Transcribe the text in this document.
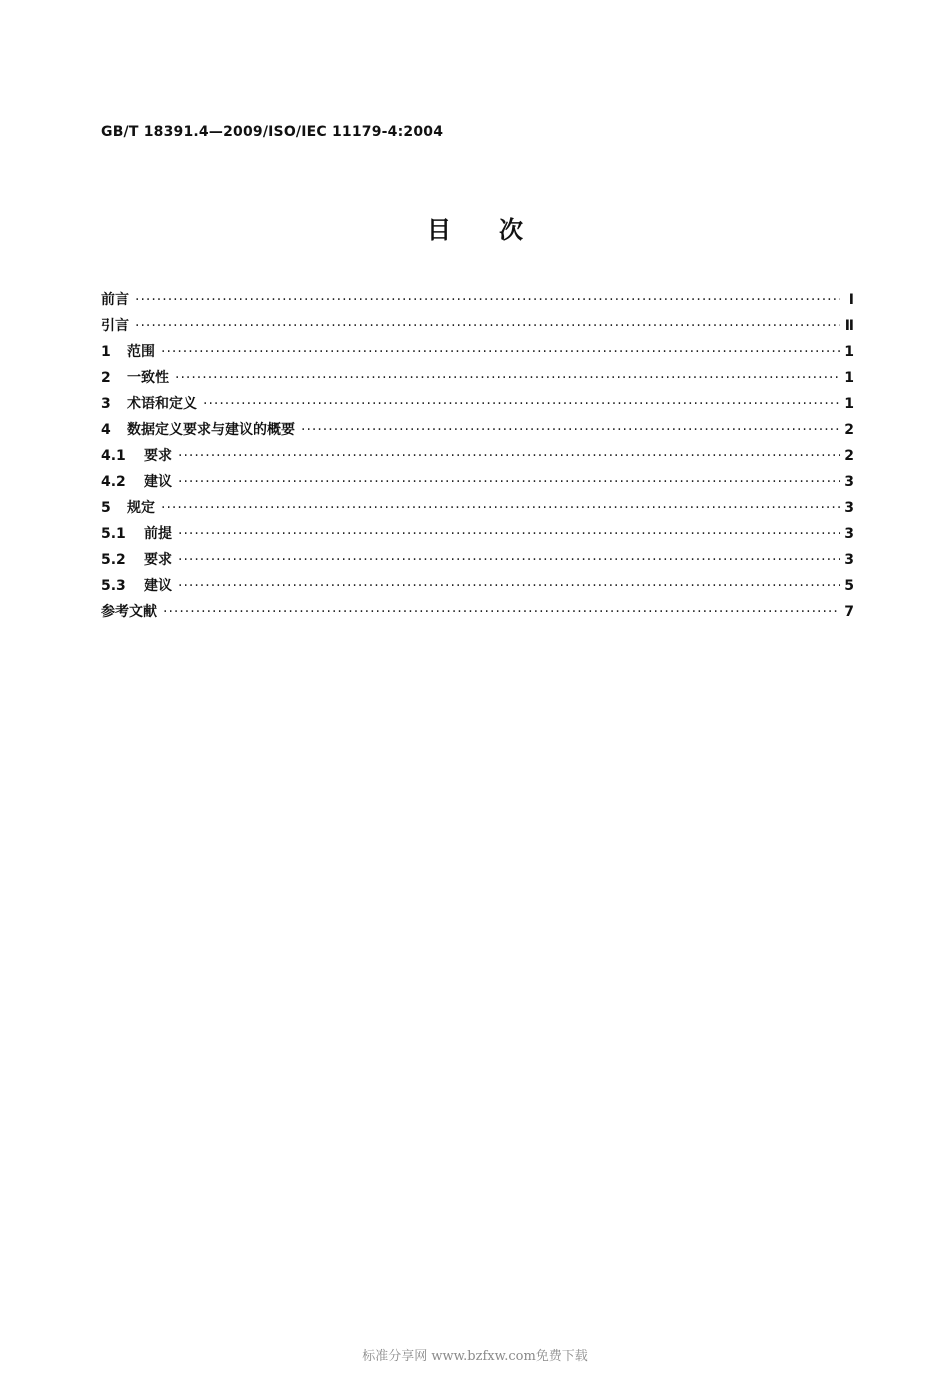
GB/T 18391.4—2009/ISO/IEC 11179-4:2004
目次
前言 ·····	Ⅰ
引言 ·····	Ⅱ
1	范围 ·····	1
2	一致性 ·····	1
3	术语和定义 ·····	1
4	数据定义要求与建议的概要 ·····	2
4.1	要求 ·····	2
4.2	建议 ·····	3
5	规定 ·····	3
5.1	前提 ·····	3
5.2	要求 ·····	3
5.3	建议 ·····	5
参考文献 ·····	7
标准分享网 www.bzfxw.com免费下载
